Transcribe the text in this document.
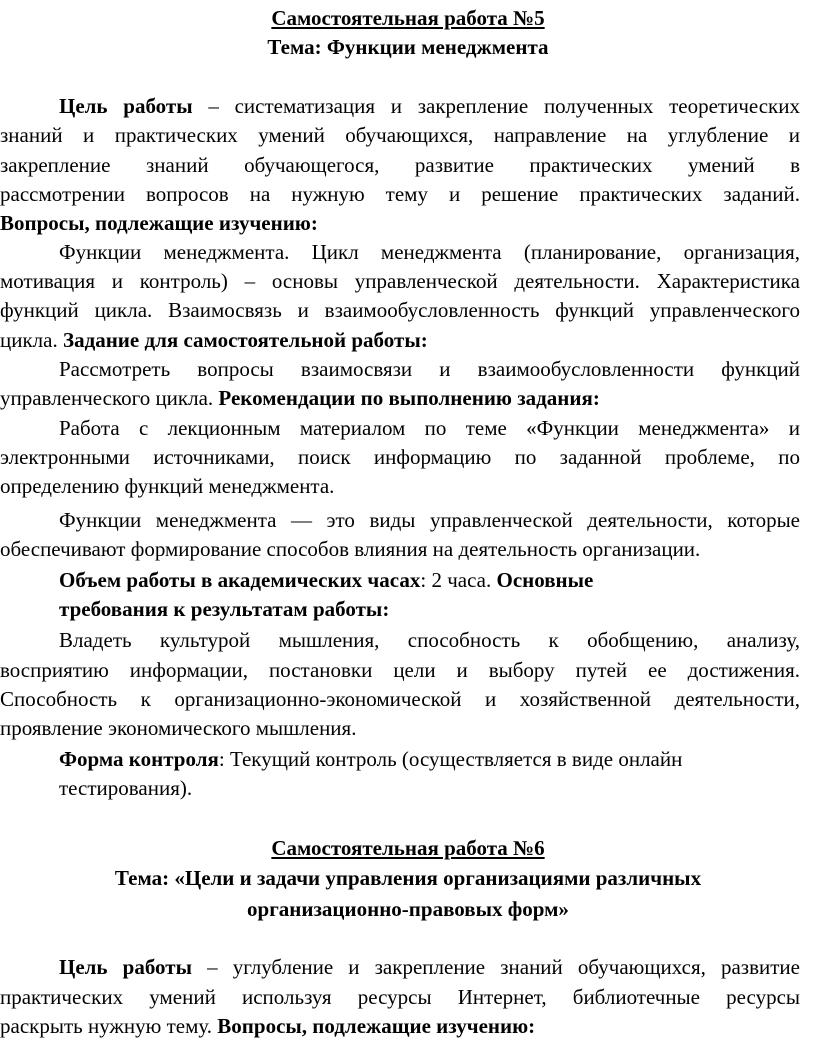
Самостоятельная работа №5
Тема: Функции менеджмента
Цель работы – систематизация и закрепление полученных теоретических
знаний и практических умений обучающихся, направление на углубление и
закрепление знаний обучающегося, развитие практических умений в
рассмотрении вопросов на нужную тему и решение практических заданий.
Вопросы, подлежащие изучению:
Функции менеджмента. Цикл менеджмента (планирование, организация,
мотивация и контроль) – основы управленческой деятельности. Характеристика
функций цикла. Взаимосвязь и взаимообусловленность функций управленческого
цикла. Задание для самостоятельной работы:
Рассмотреть вопросы взаимосвязи и взаимообусловленности функций
управленческого цикла. Рекомендации по выполнению задания:
Работа с лекционным материалом по теме «Функции менеджмента» и
электронными источниками, поиск информацию по заданной проблеме, по
определению функций менеджмента.
Функции менеджмента — это виды управленческой деятельности, которые
обеспечивают формирование способов влияния на деятельность организации.
Объем работы в академических часах: 2 часа. Основные
требования к результатам работы:
Владеть культурой мышления, способность к обобщению, анализу,
восприятию информации, постановки цели и выбору путей ее достижения.
Способность к организационно-экономической и хозяйственной деятельности,
проявление экономического мышления.
Форма контроля: Текущий контроль (осуществляется в виде онлайн
тестирования).
Самостоятельная работа №6
Тема: «Цели и задачи управления организациями различных
организационно-правовых форм»
Цель работы – углубление и закрепление знаний обучающихся, развитие
практических умений используя ресурсы Интернет, библиотечные ресурсы
раскрыть нужную тему. Вопросы, подлежащие изучению:
